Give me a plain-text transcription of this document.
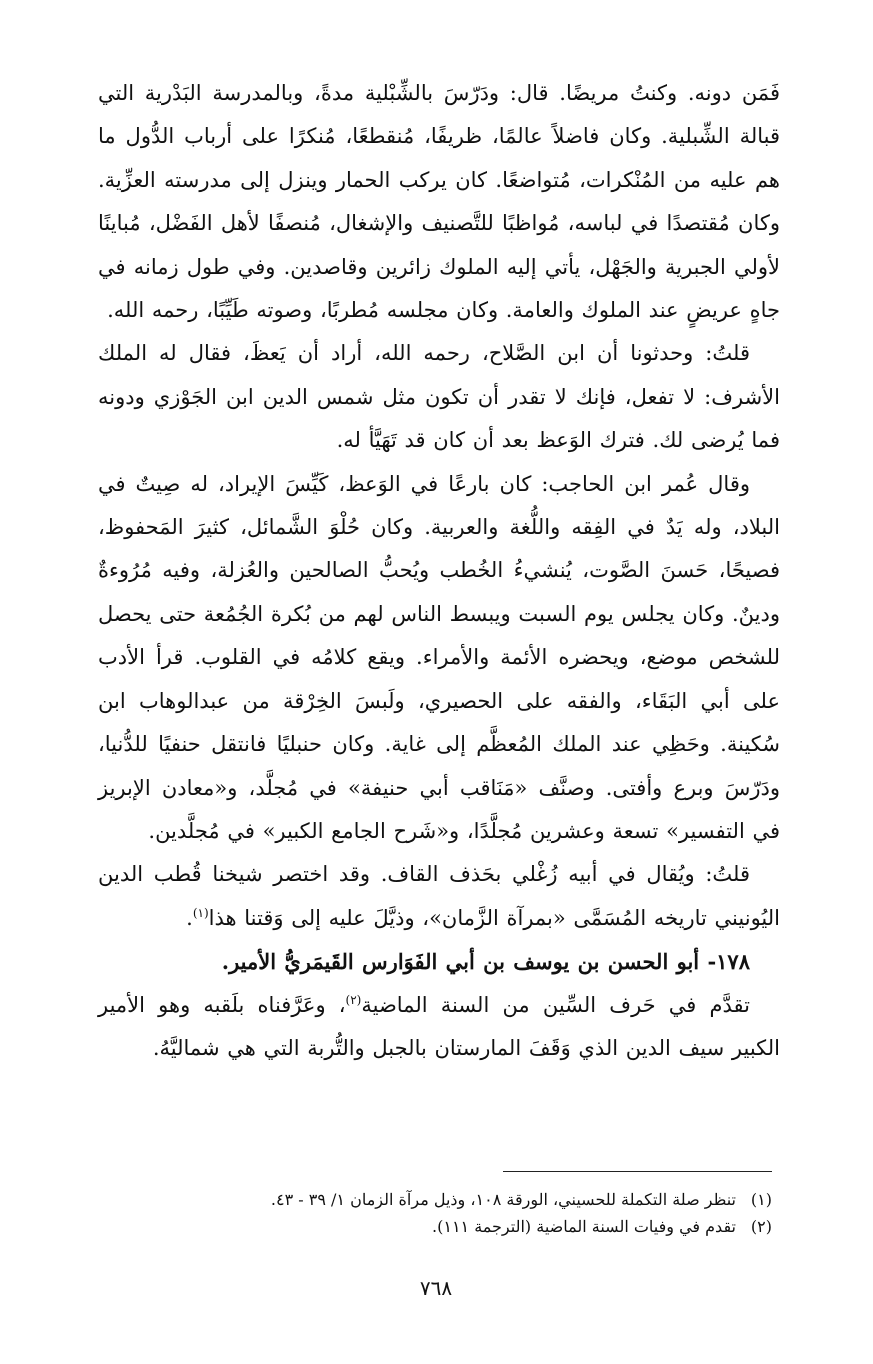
فَمَن دونه. وكنتُ مريضًا. قال: ودَرّسَ بالشِّبْلية مدةً، وبالمدرسة البَدْرية التي قبالة الشِّبلية. وكان فاضلاً عالمًا، ظريفًا، مُنقطعًا، مُنكرًا على أرباب الدُّول ما هم عليه من المُنْكرات، مُتواضعًا. كان يركب الحمار وينزل إلى مدرسته العزِّية. وكان مُقتصدًا في لباسه، مُواظبًا للتَّصنيف والإشغال، مُنصفًا لأهل الفَضْل، مُباينًا لأولي الجبرية والجَهْل، يأتي إليه الملوك زائرين وقاصدين. وفي طول زمانه في جاهٍ عريضٍ عند الملوك والعامة. وكان مجلسه مُطربًا، وصوته طَيِّبًا، رحمه الله.

قلتُ: وحدثونا أن ابن الصَّلاح، رحمه الله، أراد أن يَعظَ، فقال له الملك الأشرف: لا تفعل، فإنك لا تقدر أن تكون مثل شمس الدين ابن الجَوْزي ودونه فما يُرضى لك. فترك الوَعظ بعد أن كان قد تَهَيَّأ له.

وقال عُمر ابن الحاجب: كان بارعًا في الوَعظ، كَيِّسَ الإيراد، له صِيتٌ في البلاد، وله يَدٌ في الفِقه واللُّغة والعربية. وكان حُلْوَ الشَّمائل، كثيرَ المَحفوظ، فصيحًا، حَسنَ الصَّوت، يُنشيءُ الخُطب ويُحبُّ الصالحين والعُزلة، وفيه مُرُوءةٌ ودينٌ. وكان يجلس يوم السبت ويبسط الناس لهم من بُكرة الجُمُعة حتى يحصل للشخص موضع، ويحضره الأئمة والأمراء. ويقع كلامُه في القلوب. قرأ الأدب على أبي البَقَاء، والفقه على الحصيري، ولَبسَ الخِرْقة من عبدالوهاب ابن سُكينة. وحَظِي عند الملك المُعظَّم إلى غاية. وكان حنبليًا فانتقل حنفيًا للدُّنيا، ودَرّسَ وبرع وأفتى. وصنَّف «مَنَاقب أبي حنيفة» في مُجلَّد، و«معادن الإبريز في التفسير» تسعة وعشرين مُجلَّدًا، و«شَرح الجامع الكبير» في مُجلَّدين.

قلتُ: ويُقال في أبيه زُغْلي بحَذف القاف. وقد اختصر شيخنا قُطب الدين اليُونيني تاريخه المُسَمَّى «بمرآة الزَّمان»، وذيَّلَ عليه إلى وَقتنا هذا$^{(١)}$.

١٧٨- أبو الحسن بن يوسف بن أبي الفَوَارس القَيمَريُّ الأمير.

تقدَّم في حَرف السِّين من السنة الماضية$^{(٢)}$، وعَرَّفناه بلَقبه وهو الأمير الكبير سيف الدين الذي وَقَفَ المارستان بالجبل والتُّربة التي هي شماليَّهُ.

(١)تنظر صلة التكملة للحسيني، الورقة ١٠٨، وذيل مرآة الزمان ١/ ٣٩ - ٤٣.
(٢)تقدم في وفيات السنة الماضية (الترجمة ١١١).
٧٦٨
